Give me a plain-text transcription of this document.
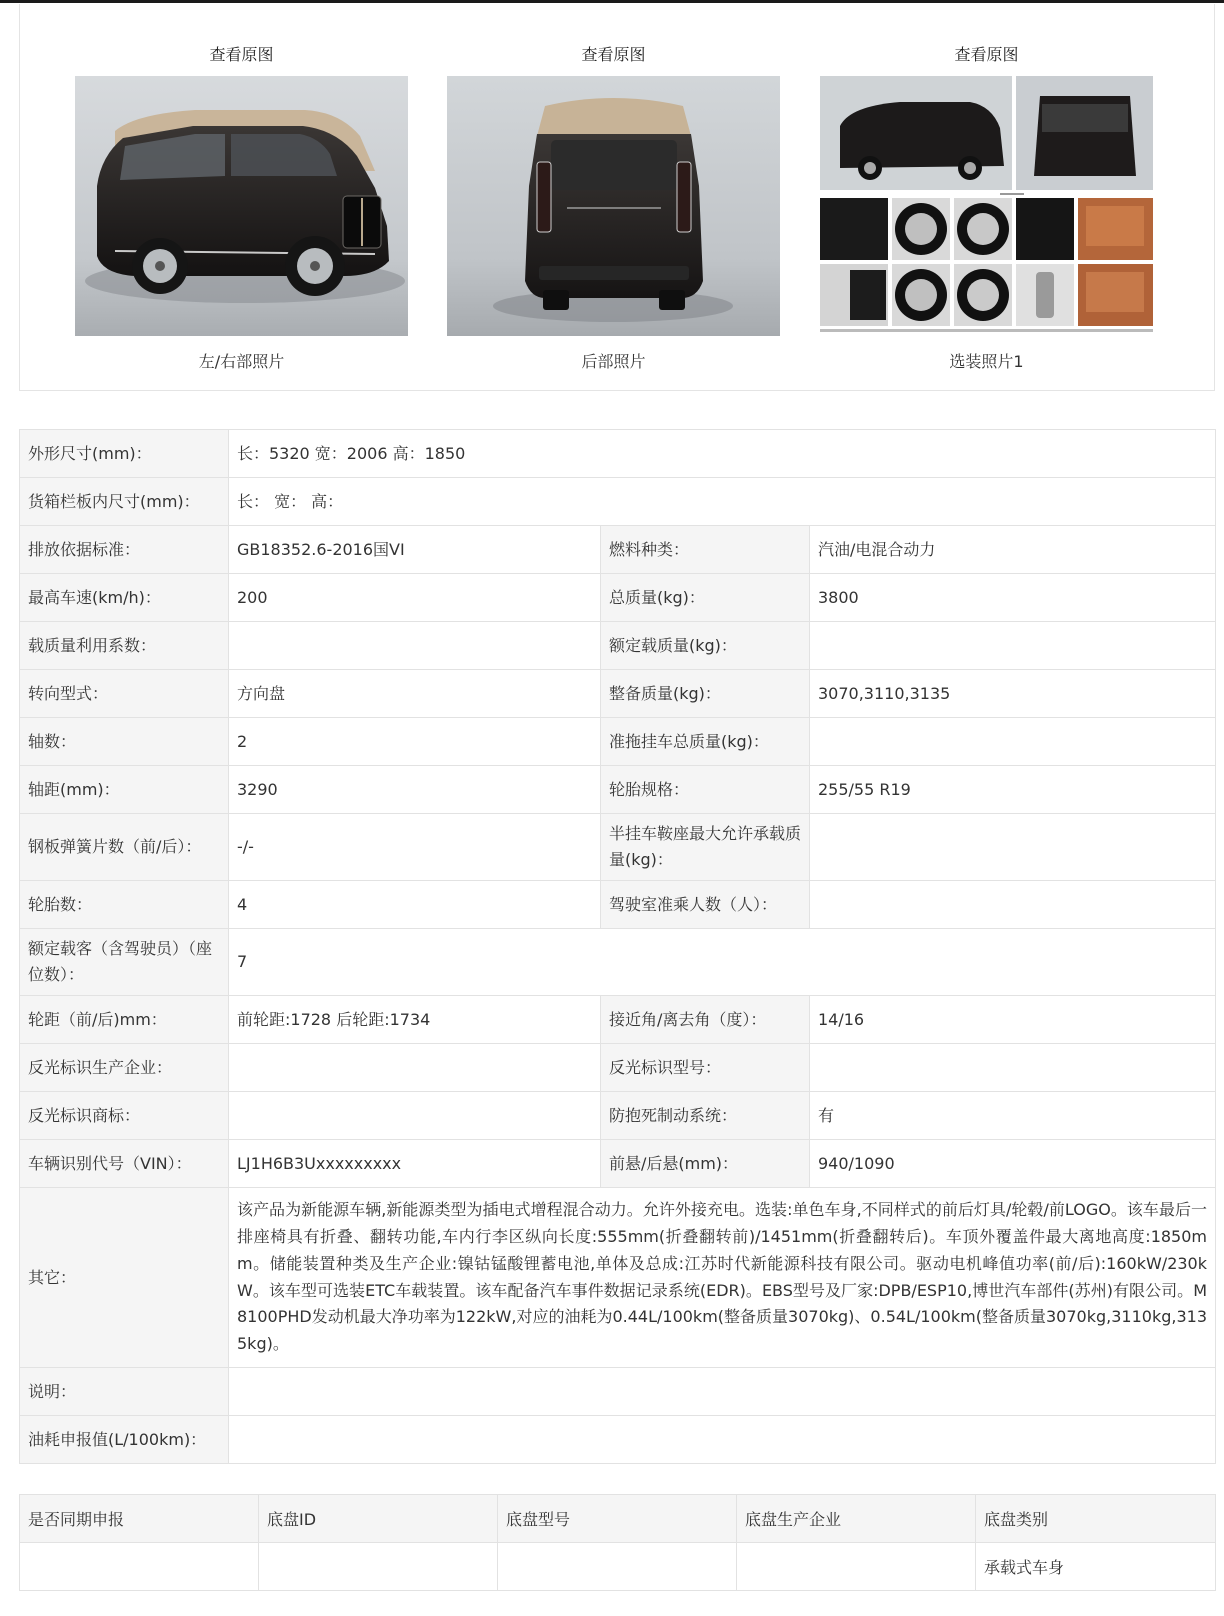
查看原图
左/右部照片
查看原图
后部照片
查看原图
选装照片1
外形尺寸(mm)：	长：5320 宽：2006 高：1850		
货箱栏板内尺寸(mm)：	长： 宽： 高：		
排放依据标准：	GB18352.6-2016国VI	燃料种类：	汽油/电混合动力
最高车速(km/h)：	200	总质量(kg)：	3800
载质量利用系数：		额定载质量(kg)：	
转向型式：	方向盘	整备质量(kg)：	3070,3110,3135
轴数：	2	准拖挂车总质量(kg)：	
轴距(mm)：	3290	轮胎规格：	255/55 R19
钢板弹簧片数（前/后）：	-/-	半挂车鞍座最大允许承载质量(kg)：	
轮胎数：	4	驾驶室准乘人数（人）：	
额定载客（含驾驶员）（座位数）：	7		
轮距（前/后)mm：	前轮距:1728 后轮距:1734	接近角/离去角（度）：	14/16
反光标识生产企业：		反光标识型号：	
反光标识商标：		防抱死制动系统：	有
车辆识别代号（VIN）：	LJ1H6B3Uxxxxxxxxx	前悬/后悬(mm)：	940/1090
其它：	该产品为新能源车辆,新能源类型为插电式增程混合动力。允许外接充电。选装:单色车身,不同样式的前后灯具/轮毂/前LOGO。该车最后一排座椅具有折叠、翻转功能,车内行李区纵向长度:555mm(折叠翻转前)/1451mm(折叠翻转后)。车顶外覆盖件最大离地高度:1850mm。储能装置种类及生产企业:镍钴锰酸锂蓄电池,单体及总成:江苏时代新能源科技有限公司。驱动电机峰值功率(前/后):160kW/230kW。该车型可选装ETC车载装置。该车配备汽车事件数据记录系统(EDR)。EBS型号及厂家:DPB/ESP10,博世汽车部件(苏州)有限公司。M8100PHD发动机最大净功率为122kW,对应的油耗为0.44L/100km(整备质量3070kg)、0.54L/100km(整备质量3070kg,3110kg,3135kg)。		
说明：			
油耗申报值(L/100km)：			
是否同期申报	底盘ID	底盘型号	底盘生产企业	底盘类别
				承载式车身
